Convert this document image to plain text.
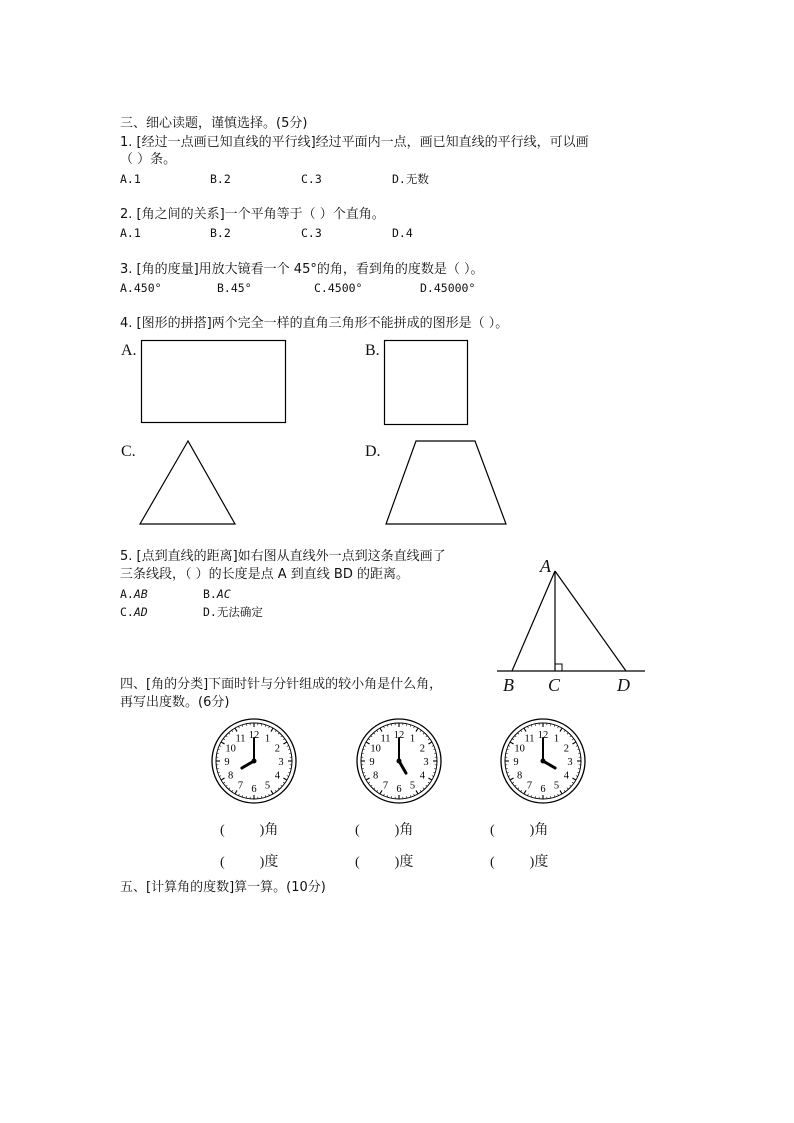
三、细心读题，谨慎选择。(5分)
1. [经过一点画已知直线的平行线]经过平面内一点，画已知直线的平行线，可以画
（ ）条。
A.1	B.2	C.3	D.无数
2. [角之间的关系]一个平角等于（ ）个直角。
A.1	B.2	C.3	D.4
3. [角的度量]用放大镜看一个 45°的角，看到角的度数是（ ）。
A.450°	B.45°	C.4500°	D.45000°
4. [图形的拼搭]两个完全一样的直角三角形不能拼成的图形是（ ）。
A.	B.
C.	D.
5. [点到直线的距离]如右图从直线外一点到这条直线画了
三条线段，（ ）的长度是点 A 到直线 BD 的距离。
A.AB	B.AC
C.AD	D.无法确定
A
B C	D
四、[角的分类]下面时针与分针组成的较小角是什么角，
再写出度数。(6分)
12 1
2
3
4
5
6
7
8
9
10
11	12 1
2
3
4
5
6
7
8
9
10
11	12 1
2
3
4
5
6
7
8
9
10
11
(          )角	(          )角	(          )角
(          )度	(          )度	(          )度
五、[计算角的度数]算一算。(10分)
